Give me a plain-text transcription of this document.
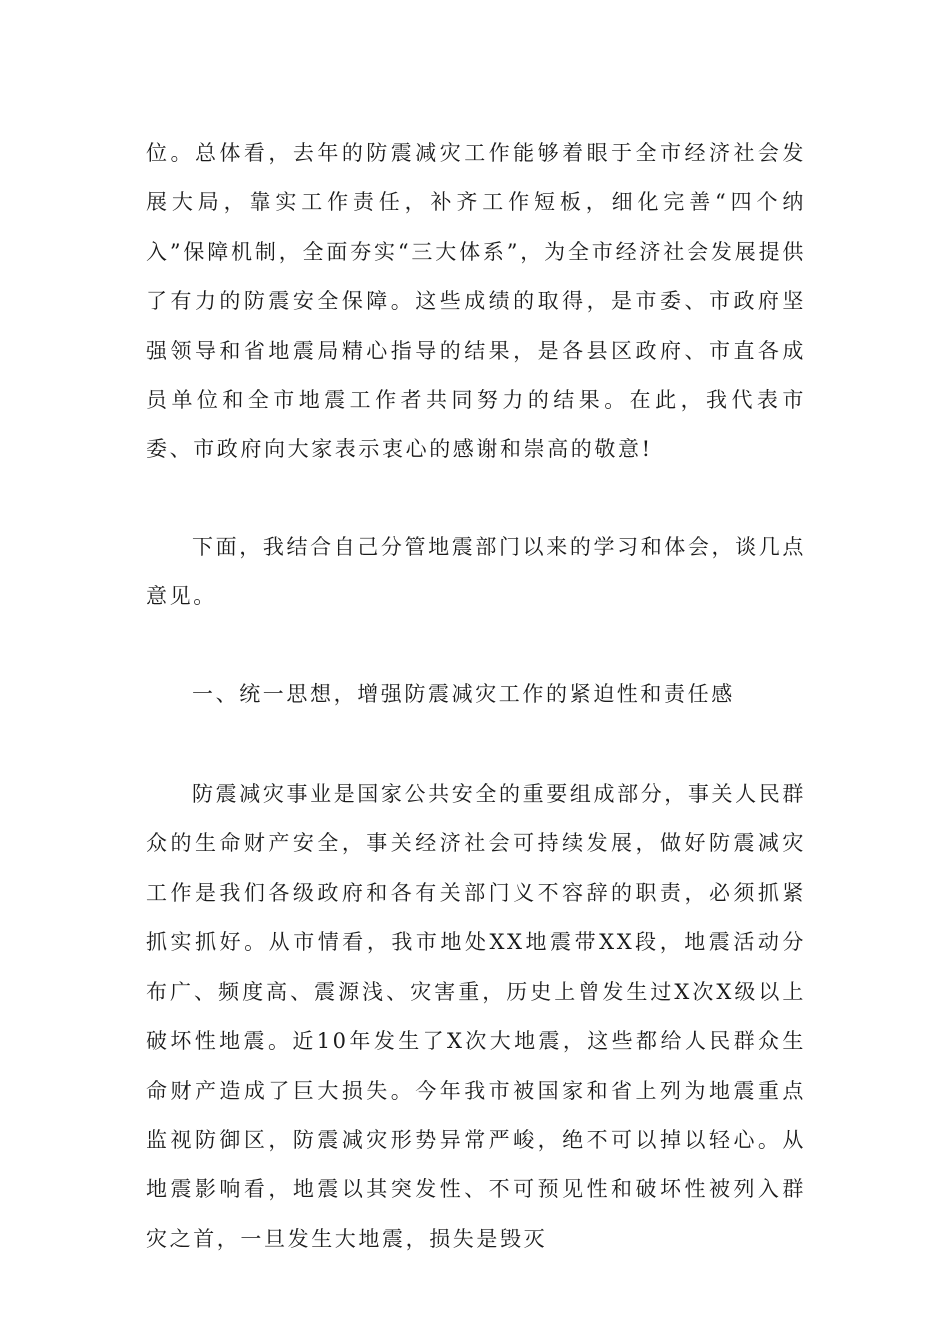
位。总体看，去年的防震减灾工作能够着眼于全市经济社会发展大局，靠实工作责任，补齐工作短板，细化完善“四个纳入”保障机制，全面夯实“三大体系”，为全市经济社会发展提供了有力的防震安全保障。这些成绩的取得，是市委、市政府坚强领导和省地震局精心指导的结果，是各县区政府、市直各成员单位和全市地震工作者共同努力的结果。在此，我代表市委、市政府向大家表示衷心的感谢和崇高的敬意!

下面，我结合自己分管地震部门以来的学习和体会，谈几点意见。

一、统一思想，增强防震减灾工作的紧迫性和责任感

防震减灾事业是国家公共安全的重要组成部分，事关人民群众的生命财产安全，事关经济社会可持续发展，做好防震减灾工作是我们各级政府和各有关部门义不容辞的职责，必须抓紧抓实抓好。从市情看，我市地处XX地震带XX段，地震活动分布广、频度高、震源浅、灾害重，历史上曾发生过X次X级以上破坏性地震。近10年发生了X次大地震，这些都给人民群众生命财产造成了巨大损失。今年我市被国家和省上列为地震重点监视防御区，防震减灾形势异常严峻，绝不可以掉以轻心。从地震影响看，地震以其突发性、不可预见性和破坏性被列入群灾之首，一旦发生大地震，损失是毁灭
